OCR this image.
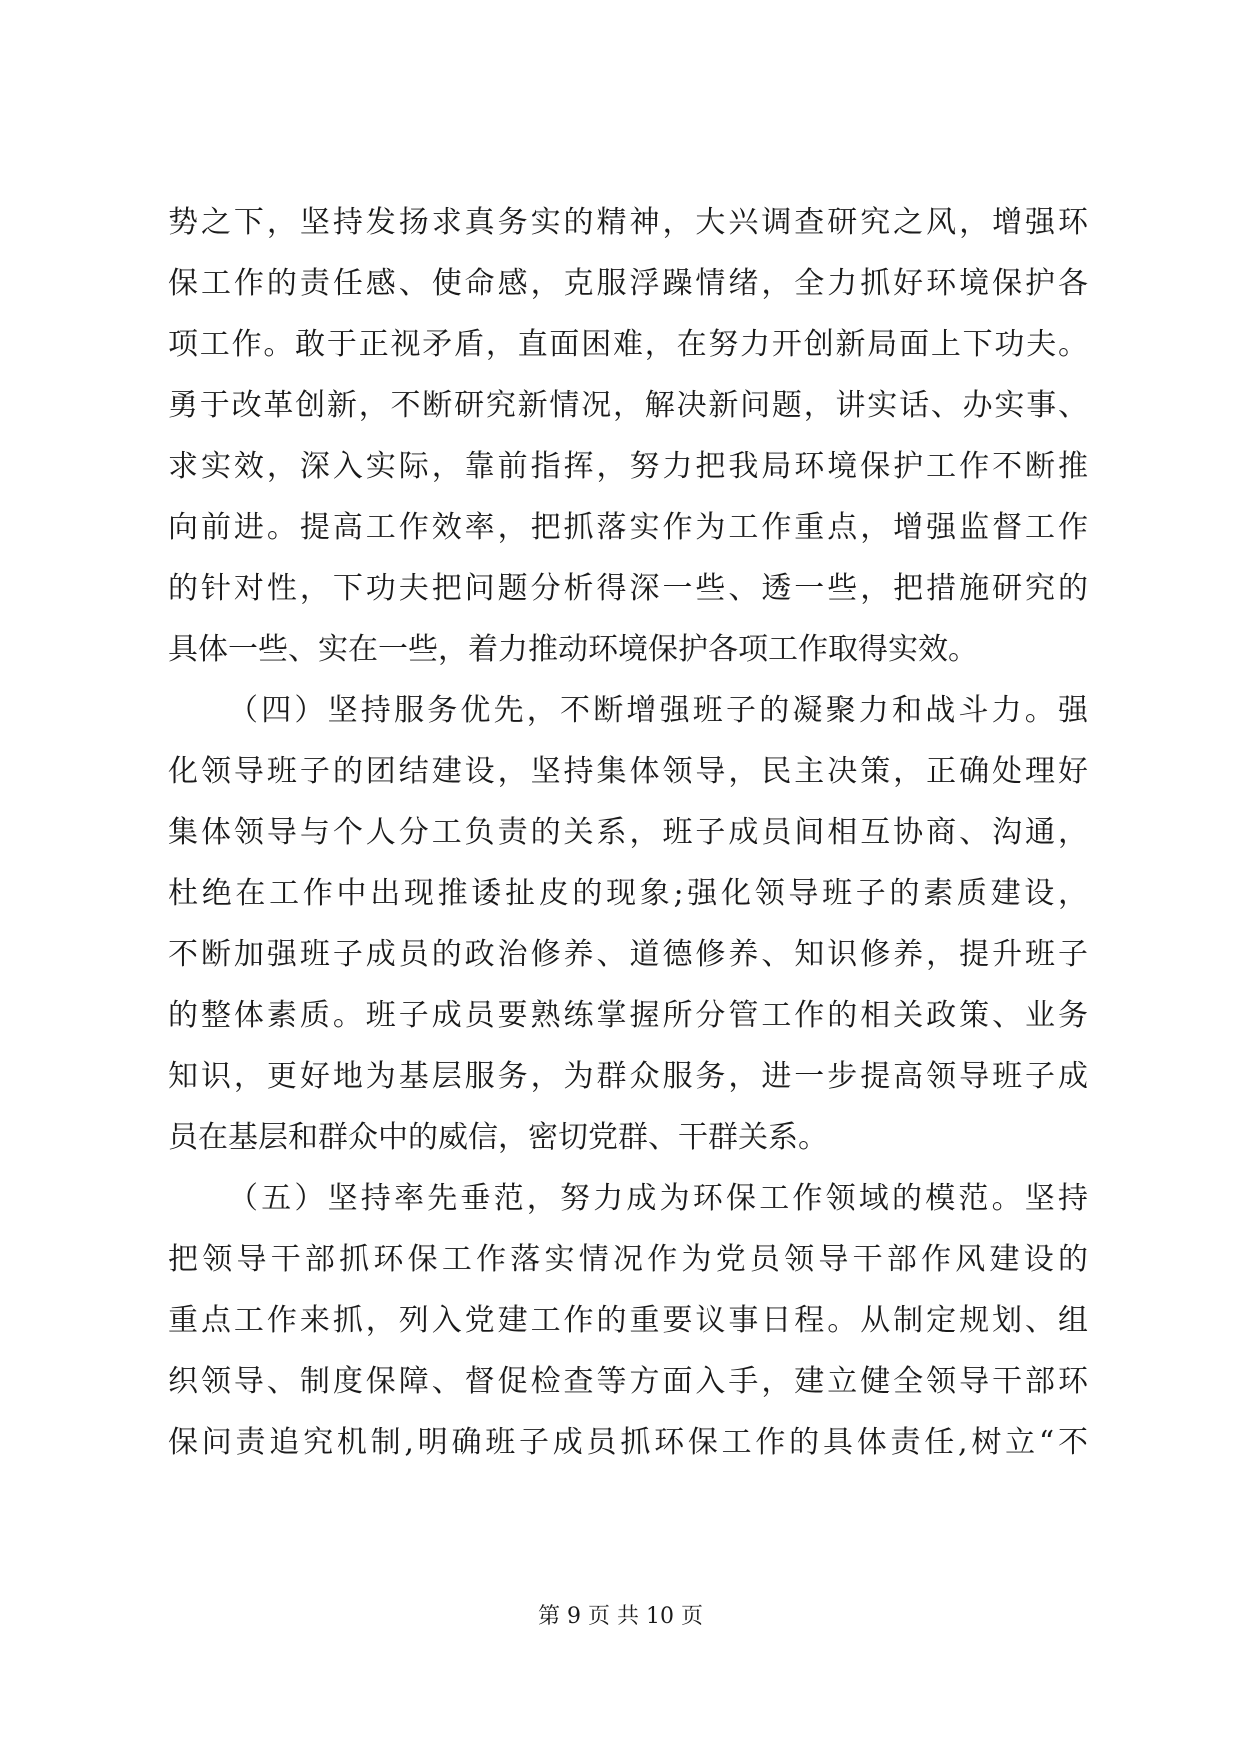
势之下，坚持发扬求真务实的精神，大兴调查研究之风，增强环
保工作的责任感、使命感，克服浮躁情绪，全力抓好环境保护各
项工作。敢于正视矛盾，直面困难，在努力开创新局面上下功夫。
勇于改革创新，不断研究新情况，解决新问题，讲实话、办实事、
求实效，深入实际，靠前指挥，努力把我局环境保护工作不断推
向前进。提高工作效率，把抓落实作为工作重点，增强监督工作
的针对性，下功夫把问题分析得深一些、透一些，把措施研究的
具体一些、实在一些，着力推动环境保护各项工作取得实效。
（四）坚持服务优先，不断增强班子的凝聚力和战斗力。强
化领导班子的团结建设，坚持集体领导，民主决策，正确处理好
集体领导与个人分工负责的关系，班子成员间相互协商、沟通，
杜绝在工作中出现推诿扯皮的现象;强化领导班子的素质建设，
不断加强班子成员的政治修养、道德修养、知识修养，提升班子
的整体素质。班子成员要熟练掌握所分管工作的相关政策、业务
知识，更好地为基层服务，为群众服务，进一步提高领导班子成
员在基层和群众中的威信，密切党群、干群关系。
（五）坚持率先垂范，努力成为环保工作领域的模范。坚持
把领导干部抓环保工作落实情况作为党员领导干部作风建设的
重点工作来抓，列入党建工作的重要议事日程。从制定规划、组
织领导、制度保障、督促检查等方面入手，建立健全领导干部环
保问责追究机制,明确班子成员抓环保工作的具体责任,树立“不
第 9 页 共 10 页
